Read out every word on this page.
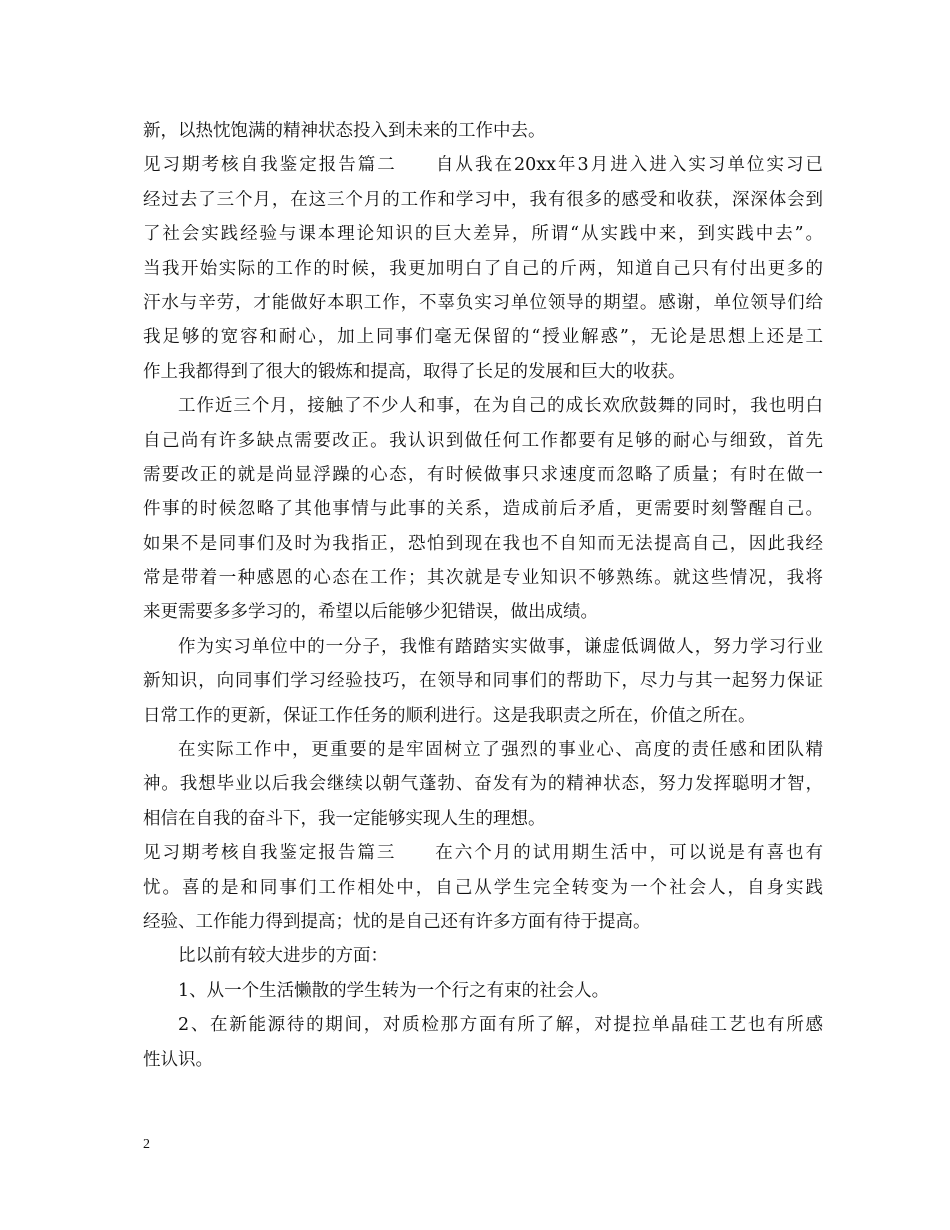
新，以热忱饱满的精神状态投入到未来的工作中去。
见习期考核自我鉴定报告篇二　　自从我在20xx年3月进入进入实习单位实习已
经过去了三个月，在这三个月的工作和学习中，我有很多的感受和收获，深深体会到
了社会实践经验与课本理论知识的巨大差异，所谓“从实践中来，到实践中去”。
当我开始实际的工作的时候，我更加明白了自己的斤两，知道自己只有付出更多的
汗水与辛劳，才能做好本职工作，不辜负实习单位领导的期望。感谢，单位领导们给
我足够的宽容和耐心，加上同事们毫无保留的“授业解惑”，无论是思想上还是工
作上我都得到了很大的锻炼和提高，取得了长足的发展和巨大的收获。
工作近三个月，接触了不少人和事，在为自己的成长欢欣鼓舞的同时，我也明白
自己尚有许多缺点需要改正。我认识到做任何工作都要有足够的耐心与细致，首先
需要改正的就是尚显浮躁的心态，有时候做事只求速度而忽略了质量；有时在做一
件事的时候忽略了其他事情与此事的关系，造成前后矛盾，更需要时刻警醒自己。
如果不是同事们及时为我指正，恐怕到现在我也不自知而无法提高自己，因此我经
常是带着一种感恩的心态在工作；其次就是专业知识不够熟练。就这些情况，我将
来更需要多多学习的，希望以后能够少犯错误，做出成绩。
作为实习单位中的一分子，我惟有踏踏实实做事，谦虚低调做人，努力学习行业
新知识，向同事们学习经验技巧，在领导和同事们的帮助下，尽力与其一起努力保证
日常工作的更新，保证工作任务的顺利进行。这是我职责之所在，价值之所在。
在实际工作中，更重要的是牢固树立了强烈的事业心、高度的责任感和团队精
神。我想毕业以后我会继续以朝气蓬勃、奋发有为的精神状态，努力发挥聪明才智，
相信在自我的奋斗下，我一定能够实现人生的理想。
见习期考核自我鉴定报告篇三　　在六个月的试用期生活中，可以说是有喜也有
忧。喜的是和同事们工作相处中，自己从学生完全转变为一个社会人，自身实践
经验、工作能力得到提高；忧的是自己还有许多方面有待于提高。
比以前有较大进步的方面：
1、从一个生活懒散的学生转为一个行之有束的社会人。
2、在新能源待的期间，对质检那方面有所了解，对提拉单晶硅工艺也有所感
性认识。
2
